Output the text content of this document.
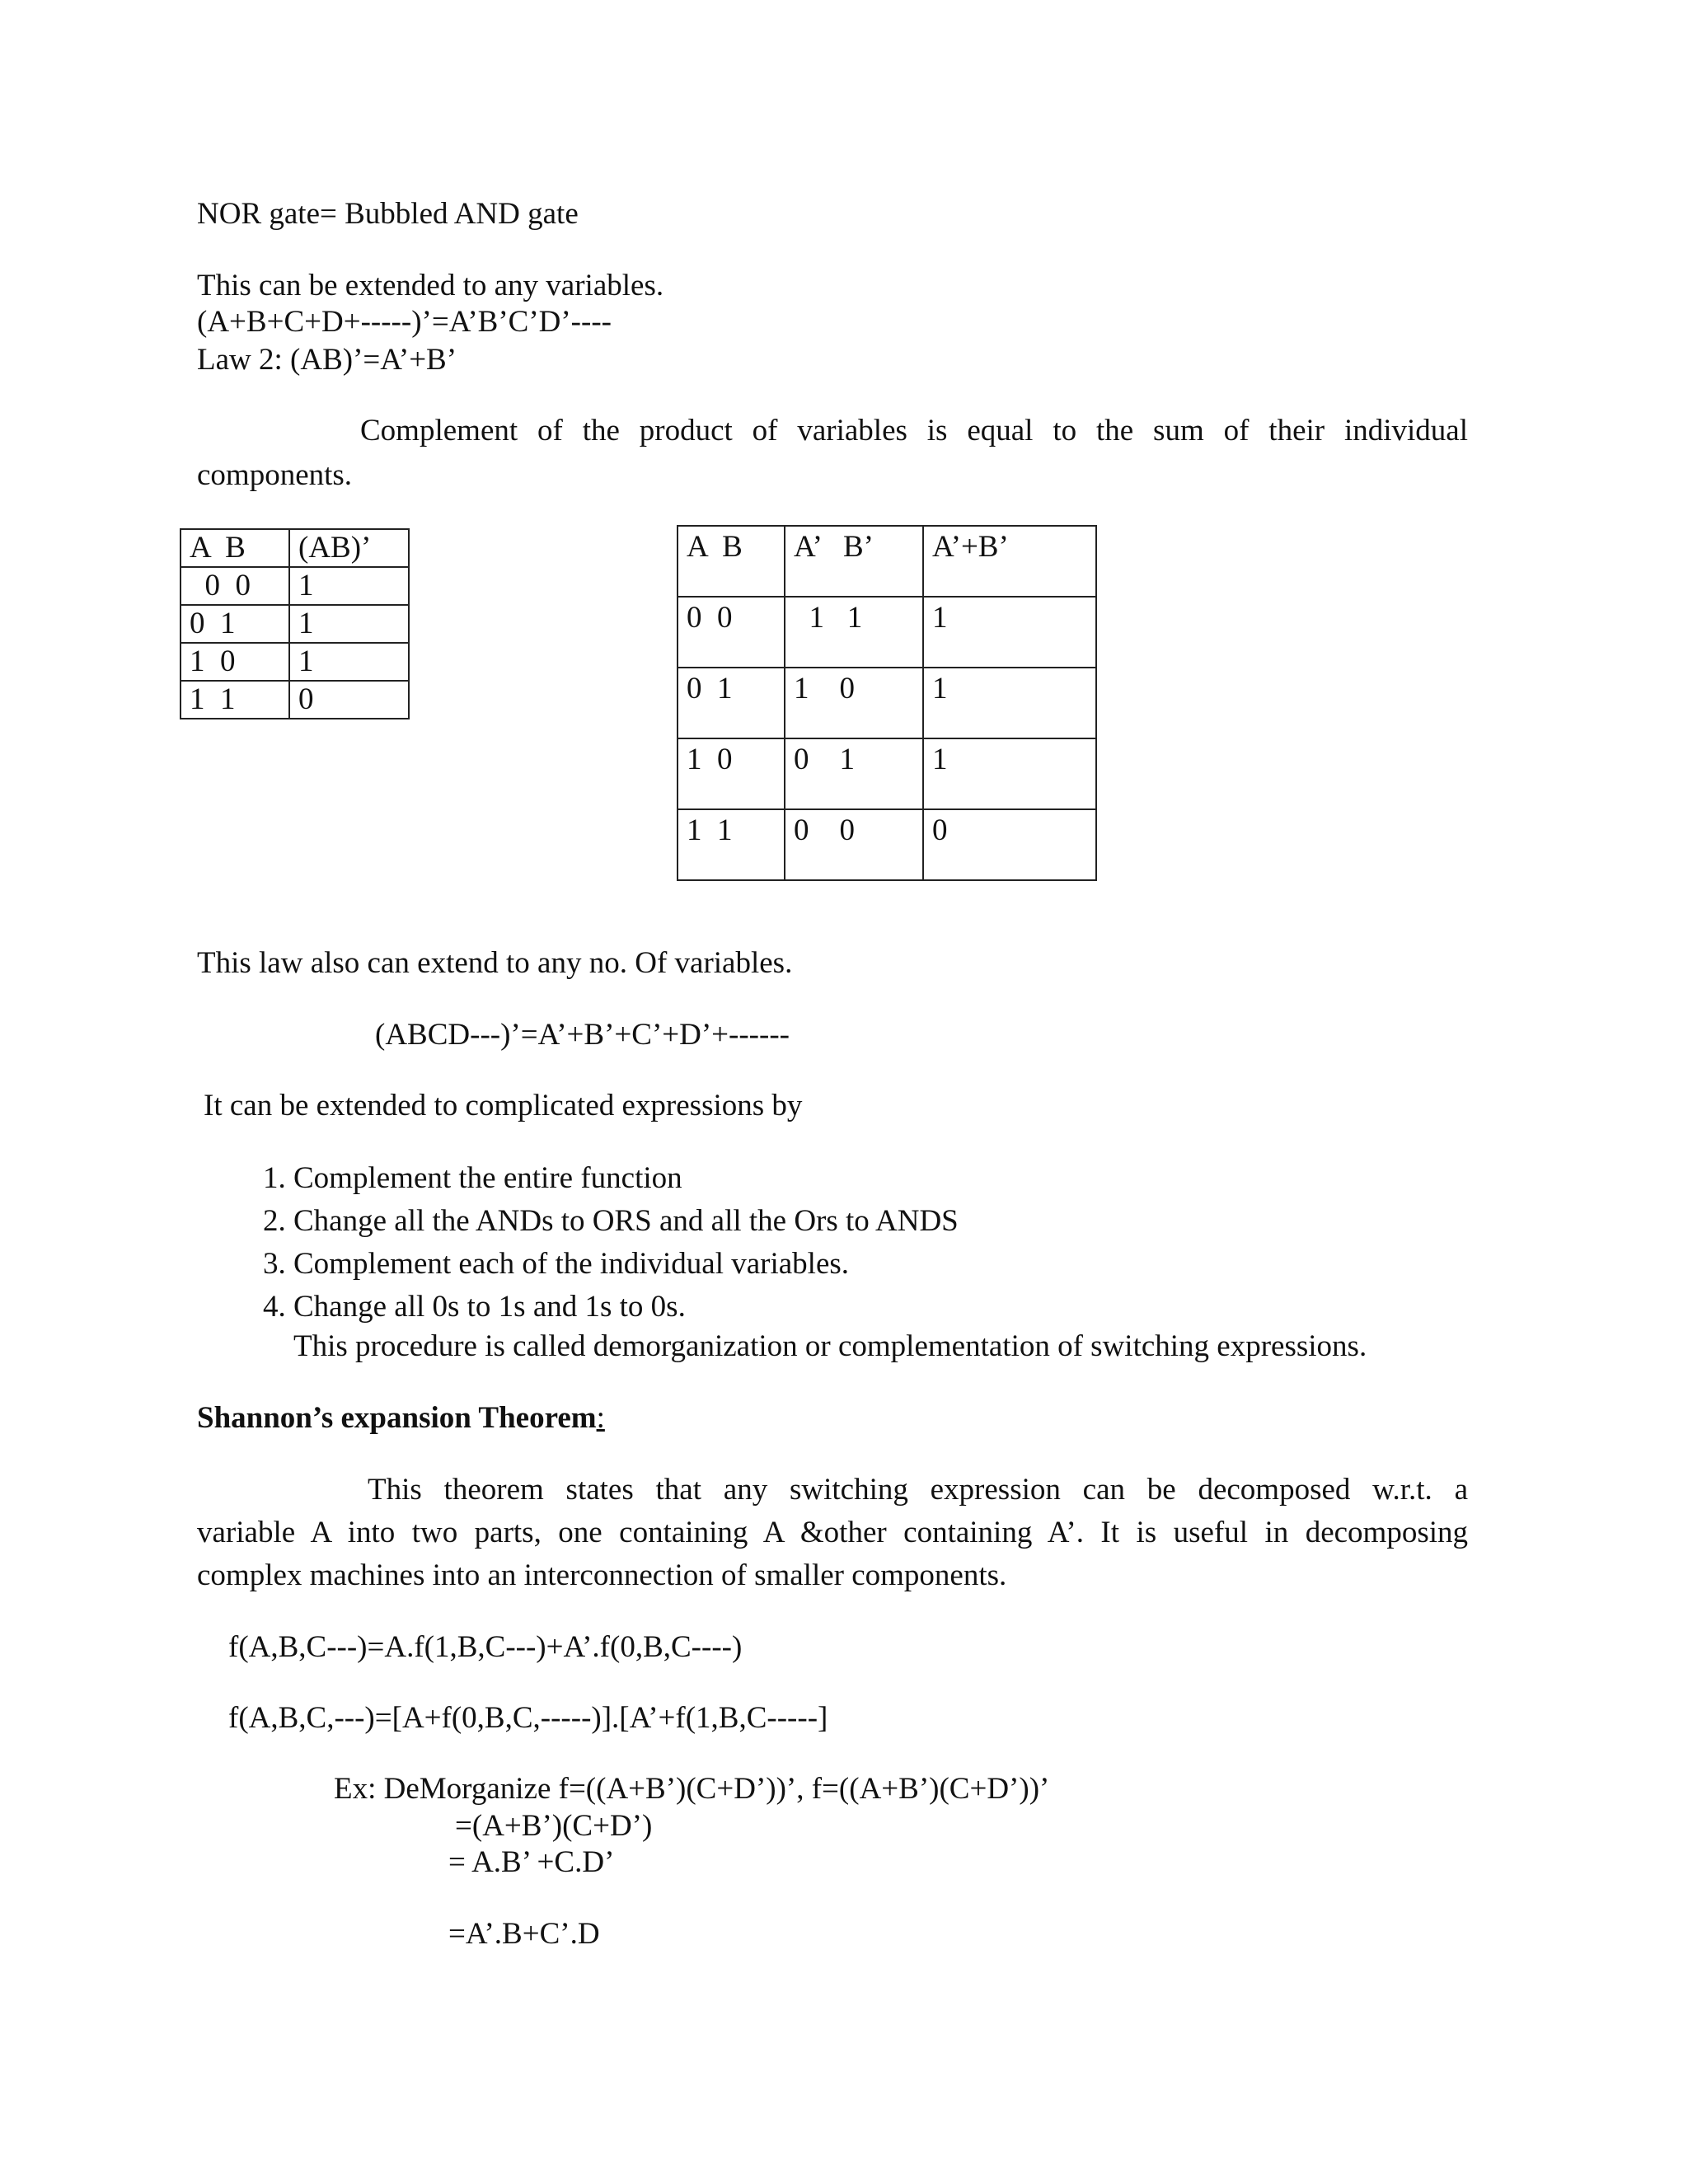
NOR gate= Bubbled AND gate
This can be extended to any variables.
(A+B+C+D+-----)’=A’B’C’D’----
Law 2: (AB)’=A’+B’
Complement of the product of variables is equal to the sum of their individual
components.
A  B	(AB)’
0  0	1
0  1	1
1  0	1
1  1	0
A  B	A’   B’	A’+B’
0  0	1   1	1
0  1	1    0	1
1  0	0    1	1
1  1	0    0	0
This law also can extend to any no. Of variables.
(ABCD---)’=A’+B’+C’+D’+------
It can be extended to complicated expressions by
1. Complement the entire function
2. Change all the ANDs to ORS and all the Ors to ANDS
3. Complement each of the individual variables.
4. Change all 0s to 1s and 1s to 0s.
This procedure is called demorganization or complementation of switching expressions.
Shannon’s expansion Theorem:
This theorem states that any switching expression can be decomposed w.r.t. a
variable A into two parts, one containing A &other containing A’. It is useful in decomposing
complex machines into an interconnection of smaller components.
f(A,B,C---)=A.f(1,B,C---)+A’.f(0,B,C----)
f(A,B,C,---)=[A+f(0,B,C,-----)].[A’+f(1,B,C-----]
Ex: DeMorganize f=((A+B’)(C+D’))’, f=((A+B’)(C+D’))’
=(A+B’)(C+D’)
= A.B’ +C.D’
=A’.B+C’.D
